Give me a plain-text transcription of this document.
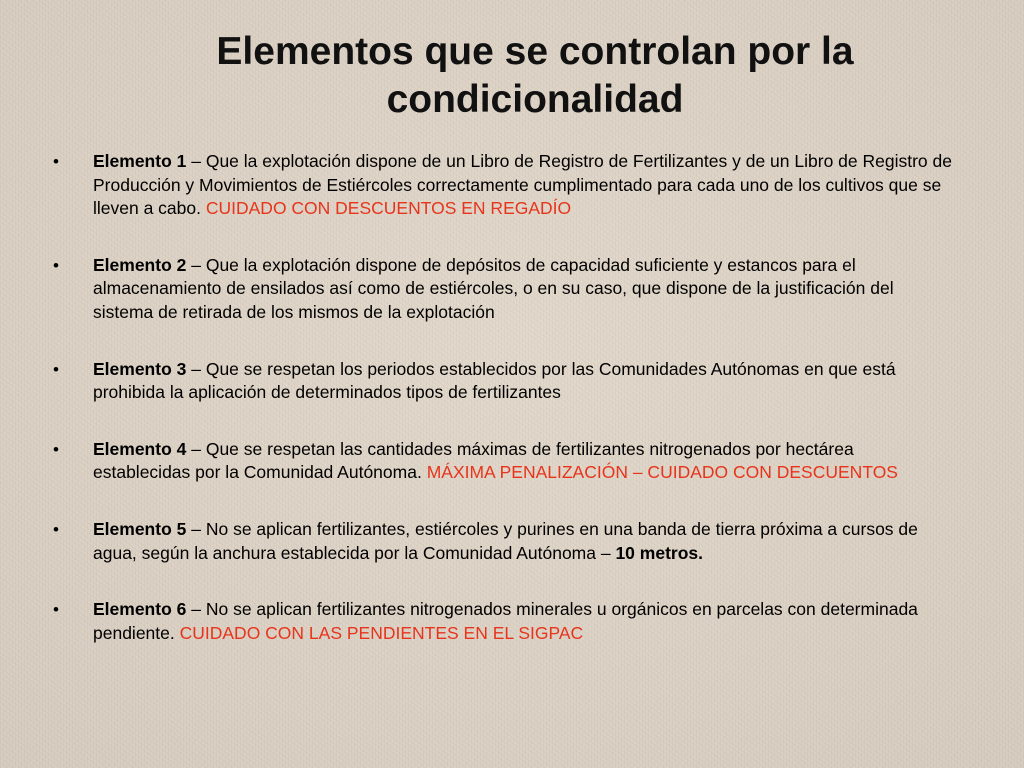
Elementos que se controlan por la condicionalidad
• Elemento 1 – Que la explotación dispone de un Libro de Registro de Fertilizantes y de un Libro de Registro de Producción y Movimientos de Estiércoles correctamente cumplimentado para cada uno de los cultivos que se lleven a cabo. CUIDADO CON DESCUENTOS EN REGADÍO
• Elemento 2 – Que la explotación dispone de depósitos de capacidad suficiente y estancos para el almacenamiento de ensilados así como de estiércoles, o en su caso, que dispone de la justificación del sistema de retirada de los mismos de la explotación
• Elemento 3 – Que se respetan los periodos establecidos por las Comunidades Autónomas en que está prohibida la aplicación de determinados tipos de fertilizantes
• Elemento 4 – Que se respetan las cantidades máximas de fertilizantes nitrogenados por hectárea establecidas por la Comunidad Autónoma. MÁXIMA PENALIZACIÓN – CUIDADO CON DESCUENTOS
• Elemento 5 – No se aplican fertilizantes, estiércoles y purines en una banda de tierra próxima a cursos de agua, según la anchura establecida por la Comunidad Autónoma – 10 metros.
• Elemento 6 – No se aplican fertilizantes nitrogenados minerales u orgánicos en parcelas con determinada pendiente. CUIDADO CON LAS PENDIENTES EN EL SIGPAC
